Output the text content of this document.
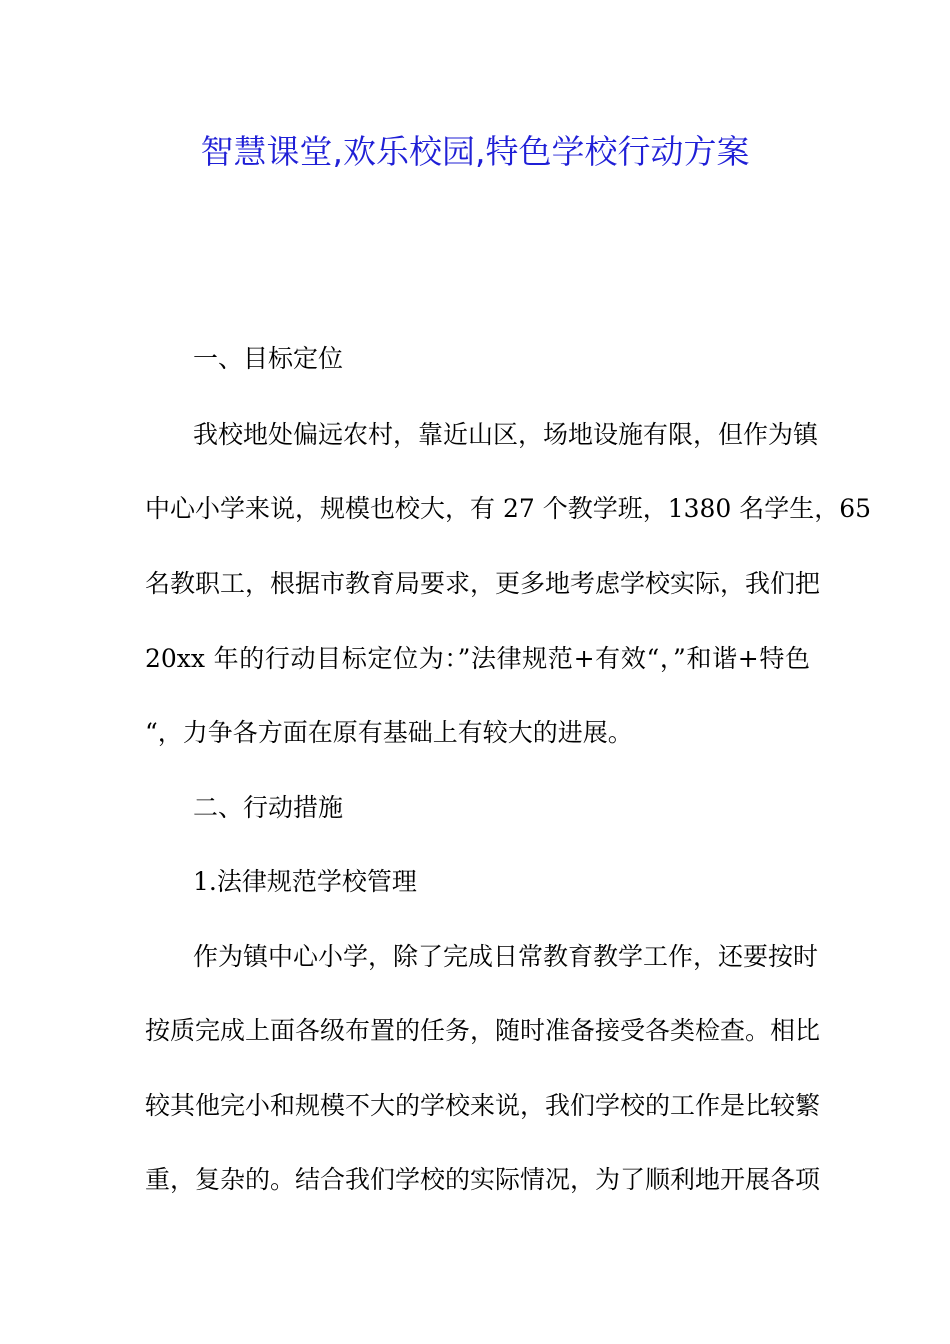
智慧课堂,欢乐校园,特色学校行动方案
一、目标定位
我校地处偏远农村，靠近山区，场地设施有限，但作为镇
中心小学来说，规模也校大，有 27 个教学班，1380 名学生，65
名教职工，根据市教育局要求，更多地考虑学校实际，我们把
20xx 年的行动目标定位为：”法律规范+有效“，”和谐+特色
“，力争各方面在原有基础上有较大的进展。
二、行动措施
1.法律规范学校管理
作为镇中心小学，除了完成日常教育教学工作，还要按时
按质完成上面各级布置的任务，随时准备接受各类检查。相比
较其他完小和规模不大的学校来说，我们学校的工作是比较繁
重，复杂的。结合我们学校的实际情况，为了顺利地开展各项
